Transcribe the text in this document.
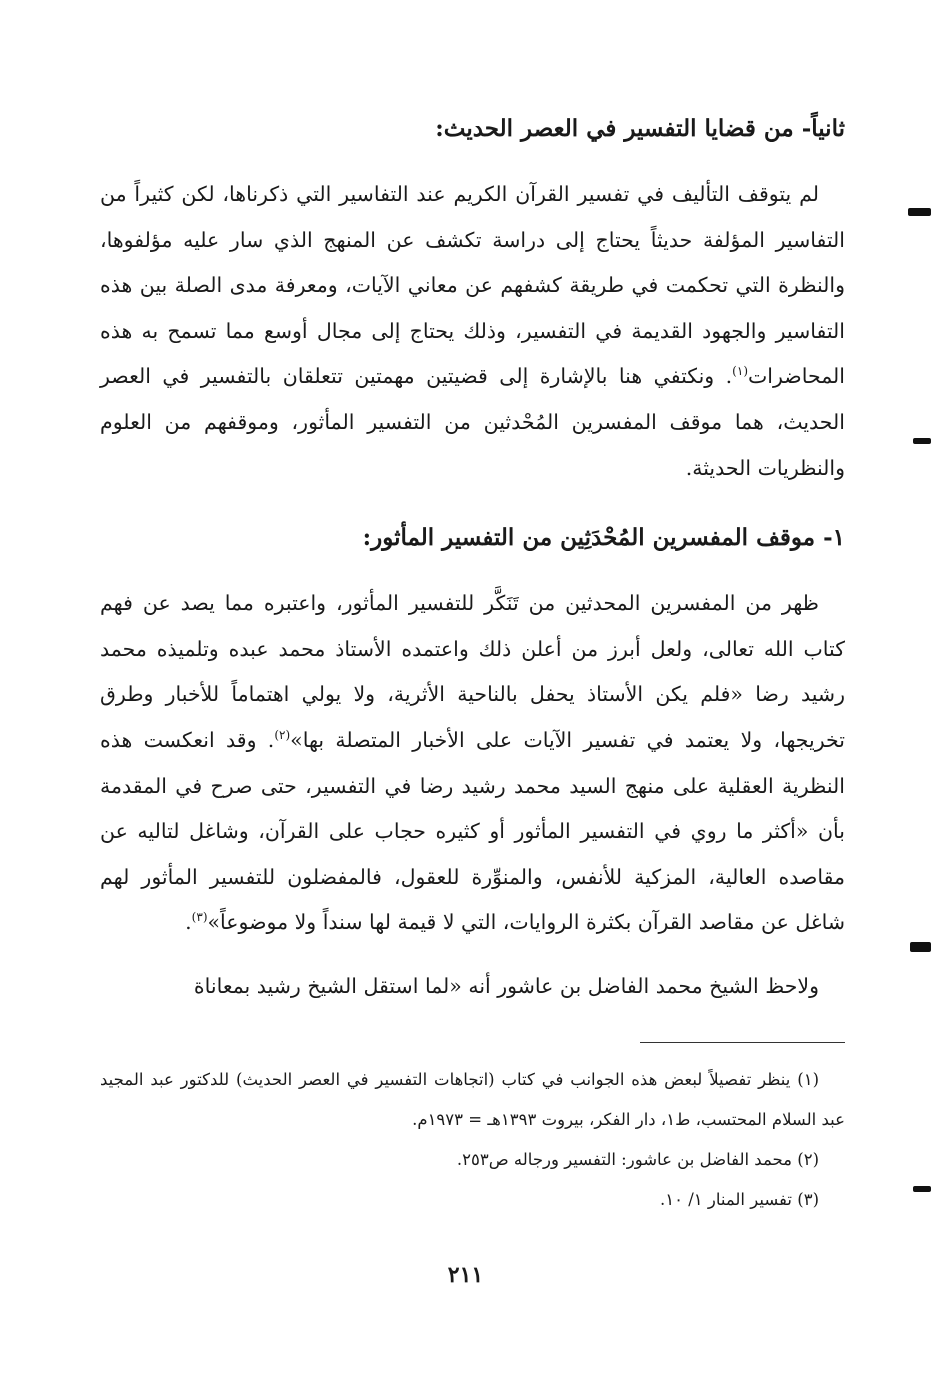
ثانياً- من قضايا التفسير في العصر الحديث:

لم يتوقف التأليف في تفسير القرآن الكريم عند التفاسير التي ذكرناها، لكن كثيراً من التفاسير المؤلفة حديثاً يحتاج إلى دراسة تكشف عن المنهج الذي سار عليه مؤلفوها، والنظرة التي تحكمت في طريقة كشفهم عن معاني الآيات، ومعرفة مدى الصلة بين هذه التفاسير والجهود القديمة في التفسير، وذلك يحتاج إلى مجال أوسع مما تسمح به هذه المحاضرات$^{(١)}$. ونكتفي هنا بالإشارة إلى قضيتين مهمتين تتعلقان بالتفسير في العصر الحديث، هما موقف المفسرين المُحْدثين من التفسير المأثور، وموقفهم من العلوم والنظريات الحديثة.

١- موقف المفسرين المُحْدَثِين من التفسير المأثور:

ظهر من المفسرين المحدثين من تَنَكَّر للتفسير المأثور، واعتبره مما يصد عن فهم كتاب الله تعالى، ولعل أبرز من أعلن ذلك واعتمده الأستاذ محمد عبده وتلميذه محمد رشيد رضا «فلم يكن الأستاذ يحفل بالناحية الأثرية، ولا يولي اهتماماً للأخبار وطرق تخريجها، ولا يعتمد في تفسير الآيات على الأخبار المتصلة بها»$^{(٢)}$. وقد انعكست هذه النظرية العقلية على منهج السيد محمد رشيد رضا في التفسير، حتى صرح في المقدمة بأن «أكثر ما روي في التفسير المأثور أو كثيره حجاب على القرآن، وشاغل لتاليه عن مقاصده العالية، المزكية للأنفس، والمنوِّرة للعقول، فالمفضلون للتفسير المأثور لهم شاغل عن مقاصد القرآن بكثرة الروايات، التي لا قيمة لها سنداً ولا موضوعاً»$^{(٣)}$.

ولاحظ الشيخ محمد الفاضل بن عاشور أنه «لما استقل الشيخ رشيد بمعاناة

(١) ينظر تفصيلاً لبعض هذه الجوانب في كتاب (اتجاهات التفسير في العصر الحديث) للدكتور عبد المجيد عبد السلام المحتسب، ط١، دار الفكر، بيروت ١٣٩٣هـ = ١٩٧٣م.

(٢) محمد الفاضل بن عاشور: التفسير ورجاله ص٢٥٣.

(٣) تفسير المنار ١/ ١٠.

٢١١
